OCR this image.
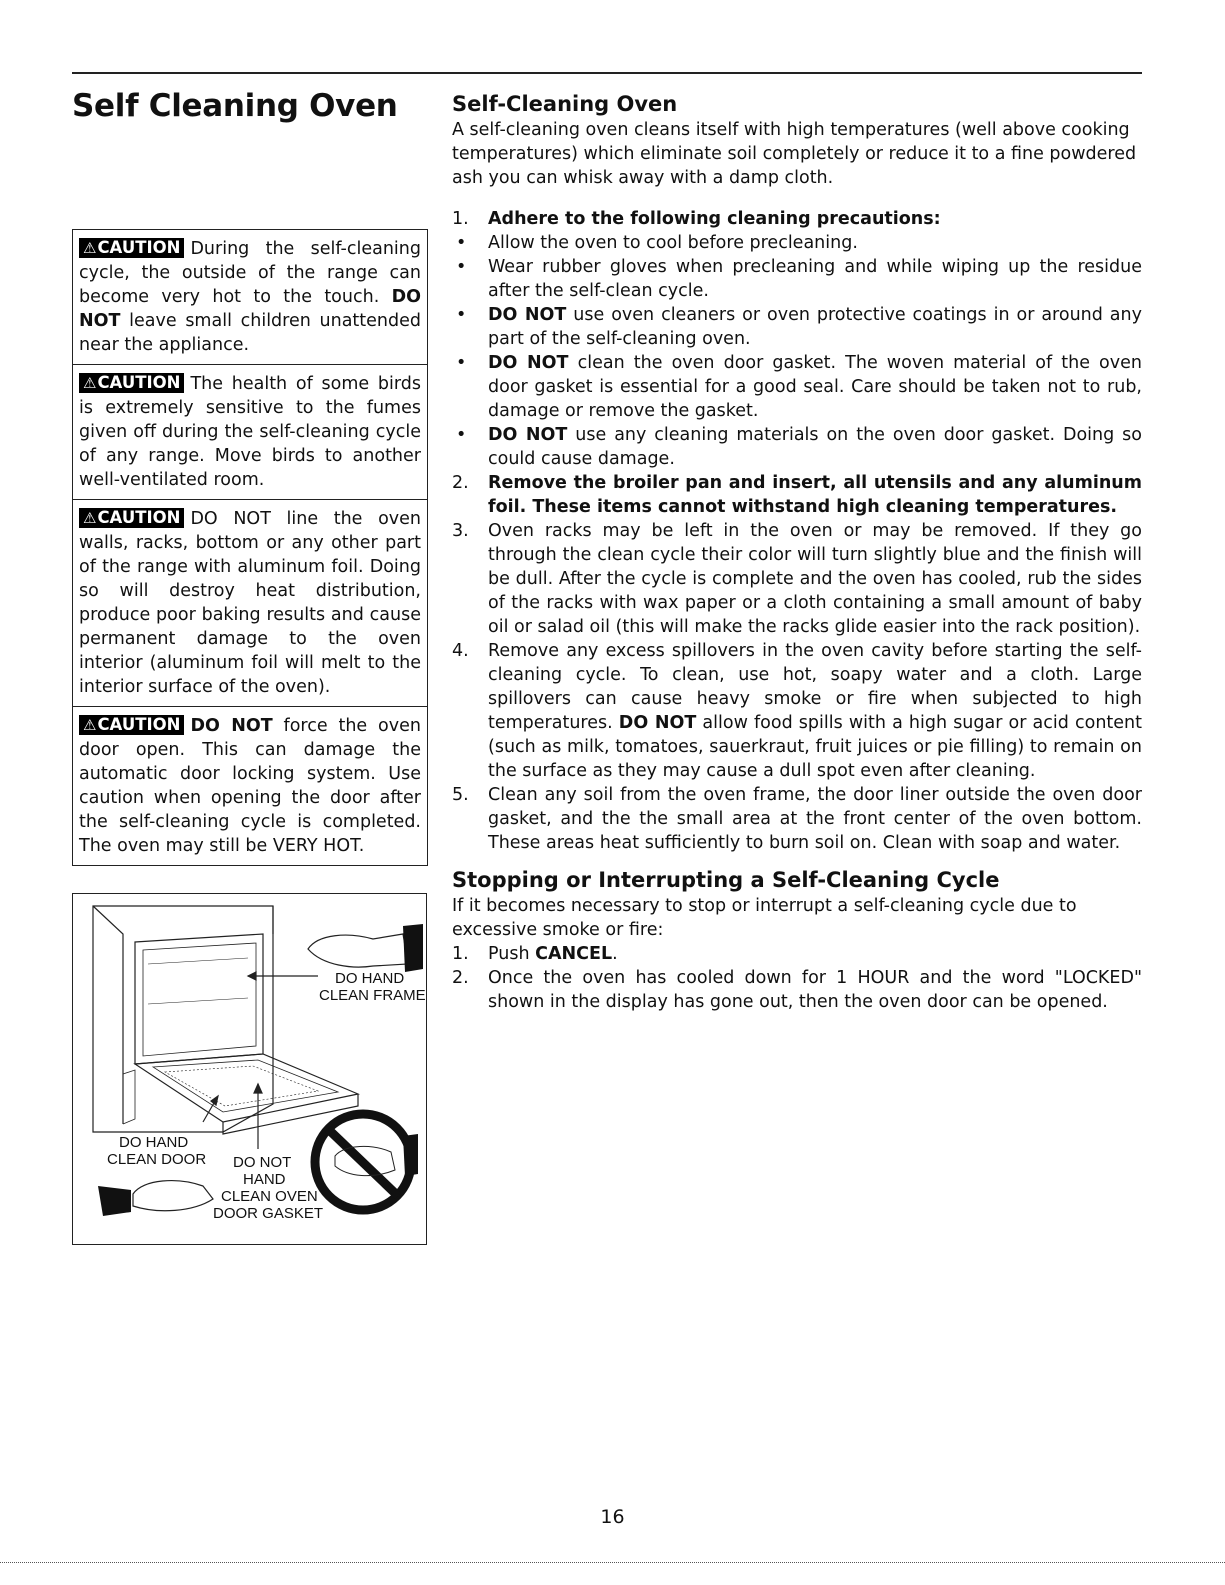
Self Cleaning Oven
⚠CAUTION During the self-cleaning cycle, the outside of the range can become very hot to the touch. DO NOT leave small children unattended near the appliance.
⚠CAUTION The health of some birds is extremely sensitive to the fumes given off during the self-cleaning cycle of any range. Move birds to another well-ventilated room.
⚠CAUTION DO NOT line the oven walls, racks, bottom or any other part of the range with aluminum foil. Doing so will destroy heat distribution, produce poor baking results and cause permanent damage to the oven interior (aluminum foil will melt to the interior surface of the oven).
⚠CAUTION DO NOT force the oven door open. This can damage the automatic door locking system. Use caution when opening the door after the self-cleaning cycle is completed. The oven may still be VERY HOT.
DO HAND
CLEAN FRAME
DO HAND
CLEAN DOOR DO NOT
HAND
CLEAN OVEN
DOOR GASKET
Self-Cleaning Oven

A self-cleaning oven cleans itself with high temperatures (well above cooking temperatures) which eliminate soil completely or reduce it to a fine powdered ash you can whisk away with a damp cloth.

1. Adhere to the following cleaning precautions:
• Allow the oven to cool before precleaning.
• Wear rubber gloves when precleaning and while wiping up the residue after the self-clean cycle.
• DO NOT use oven cleaners or oven protective coatings in or around any part of the self-cleaning oven.
• DO NOT clean the oven door gasket. The woven material of the oven door gasket is essential for a good seal. Care should be taken not to rub, damage or remove the gasket.
• DO NOT use any cleaning materials on the oven door gasket. Doing so could cause damage.
2. Remove the broiler pan and insert, all utensils and any aluminum foil. These items cannot withstand high cleaning temperatures.
3. Oven racks may be left in the oven or may be removed. If they go through the clean cycle their color will turn slightly blue and the finish will be dull. After the cycle is complete and the oven has cooled, rub the sides of the racks with wax paper or a cloth containing a small amount of baby oil or salad oil (this will make the racks glide easier into the rack position).
4. Remove any excess spillovers in the oven cavity before starting the self-cleaning cycle. To clean, use hot, soapy water and a cloth. Large spillovers can cause heavy smoke or fire when subjected to high temperatures. DO NOT allow food spills with a high sugar or acid content (such as milk, tomatoes, sauerkraut, fruit juices or pie filling) to remain on the surface as they may cause a dull spot even after cleaning.
5. Clean any soil from the oven frame, the door liner outside the oven door gasket, and the the small area at the front center of the oven bottom. These areas heat sufficiently to burn soil on. Clean with soap and water.
Stopping or Interrupting a Self-Cleaning Cycle

If it becomes necessary to stop or interrupt a self-cleaning cycle due to excessive smoke or fire:

1. Push CANCEL.
2. Once the oven has cooled down for 1 HOUR and the word "LOCKED" shown in the display has gone out, then the oven door can be opened.
16
